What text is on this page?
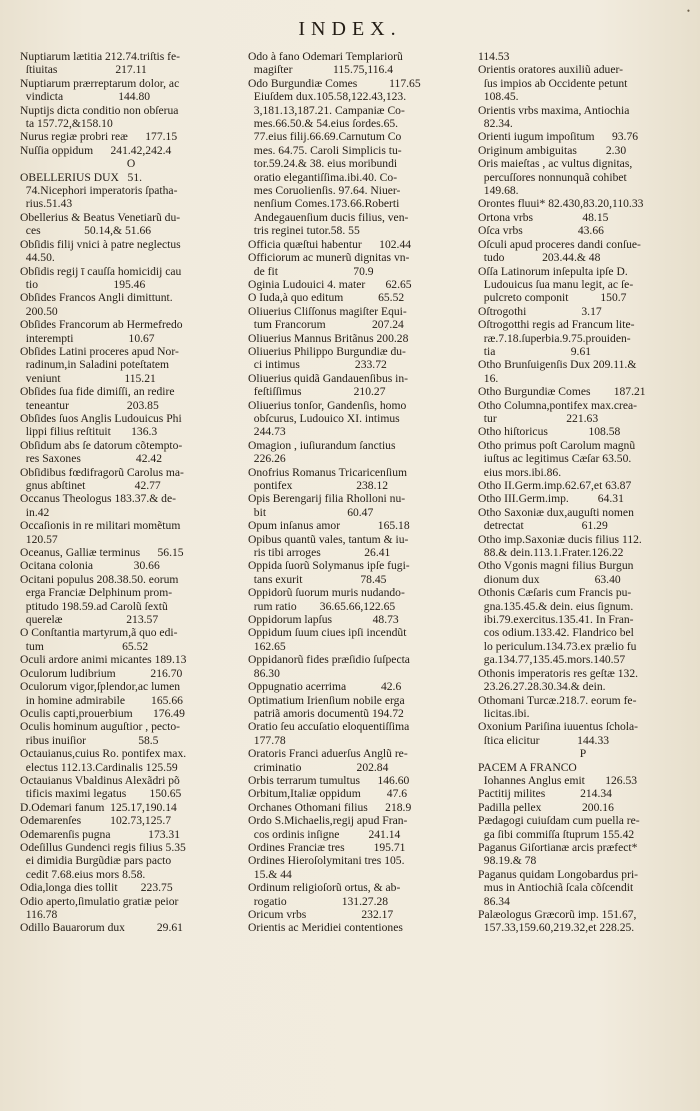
•
INDEX.
Nuptiarum lætitia 212.74.triſtis fe-
ſtiuitas                    217.11
Nuptiarum prærreptarum dolor, ac
vindicta                   144.80
Nuptijs dicta conditio non obſerua
ta 157.72,&158.10
Nurus regiæ probri reæ      177.15
Nuſſia oppidum      241.42,242.4
O
OBELLERIUS DUX   51.
74.Nicephori imperatoris ſpatha-
rius.51.43
Obellerius & Beatus Venetiarũ du-
ces               50.14,& 51.66
Obſidis filij vnici à patre neglectus
44.50.
Obſidis regij ī cauſſa homicidij cau
tio                          195.46
Obſides Francos Angli dimittunt.
200.50
Obſides Francorum ab Hermefredo
interempti                   10.67
Obſides Latini proceres apud Nor-
radinum,in Saladini poteſtatem
veniunt                      115.21
Obſides ſua fide dimiſſi, an redire
teneantur                    203.85
Obſides ſuos Anglis Ludouicus Phi
lippi filius reſtituit       136.3
Obſidum abs ſe datorum cõtempto-
res Saxones                   42.42
Obſidibus fœdifragorũ Carolus ma-
gnus abſtinet                 42.77
Occanus Theologus 183.37.& de-
in.42
Occaſionis in re militari momẽtum
120.57
Oceanus, Galliæ terminus      56.15
Ocitana colonia              30.66
Ocitani populus 208.38.50. eorum
erga Franciæ Delphinum prom-
ptitudo 198.59.ad Carolũ ſextũ
querelæ                      213.57
O Conſtantia martyrum,ã quo edi-
tum                           65.52
Oculi ardore animi micantes 189.13
Oculorum ludibrium            216.70
Oculorum vigor,ſplendor,ac lumen
in homine admirabile         165.66
Oculis capti,prouerbium       176.49
Oculis hominum auguſtior , pecto-
ribus inuiſior                  58.5
Octauianus,cuius Ro. pontifex max.
electus 112.13.Cardinalis 125.59
Octauianus Vbaldinus Alexãdri põ
tificis maximi legatus        150.65
D.Odemari fanum  125.17,190.14
Odemarenſes          102.73,125.7
Odemarenſis pugna             173.31
Odeſillus Gundenci regis filius 5.35
ei dimidia Burgũdiæ pars pacto
cedit 7.68.eius mors 8.58.
Odia,longa dies tollit        223.75
Odio aperto,ſimulatio gratiæ peior
116.78
Odillo Bauarorum dux           29.61
Odo à fano Odemari Templariorũ
magiſter              115.75,116.4
Odo Burgundiæ Comes           117.65
Eiuſdem dux.105.58,122.43,123.
3,181.13,187.21. Campaniæ Co-
mes.66.50.& 54.eius ſordes.65.
77.eius filij.66.69.Carnutum Co
mes. 64.75. Caroli Simplicis tu-
tor.59.24.& 38. eius moribundi
oratio elegantiſſima.ibi.40. Co-
mes Coruolienſis. 97.64. Niuer-
nenſium Comes.173.66.Roberti
Andegauenſium ducis filius, ven-
tris reginei tutor.58. 55
Officia quæſtui habentur      102.44
Officiorum ac munerũ dignitas vn-
de fit                          70.9
Oginia Ludouici 4. mater       62.65
O Iuda,à quo editum            65.52
Oliuerius Cliſſonus magiſter Equi-
tum Francorum                207.24
Oliuerius Mannus Britãnus 200.28
Oliuerius Philippo Burgundiæ du-
ci intimus                   233.72
Oliuerius quidã Gandauenſibus in-
feſtiſſimus                  210.27
Oliuerius tonſor, Gandenſis, homo
obſcurus, Ludouico XI. intimus
244.73
Omagion , iuſiurandum ſanctius
226.26
Onofrius Romanus Tricaricenſium
pontifex                      238.12
Opis Berengarij filia Rholloni nu-
bit                            60.47
Opum inſanus amor             165.18
Opibus quantũ vales, tantum & iu-
ris tibi arroges               26.41
Oppida ſuorũ Solymanus ipſe fugi-
tans exurit                    78.45
Oppidorũ ſuorum muris nudando-
rum ratio        36.65.66,122.65
Oppidorum lapſus              48.73
Oppidum ſuum ciues ipſi incendũt
162.65
Oppidanorũ fides præſidio ſuſpecta
86.30
Oppugnatio acerrima            42.6
Optimatium Irienſium nobile erga
patriã amoris documentũ 194.72
Oratio ſeu accuſatio eloquentiſſima
177.78
Oratoris Franci aduerſus Anglũ re-
criminatio                   202.84
Orbis terrarum tumultus      146.60
Orbitum,Italiæ oppidum         47.6
Orchanes Othomani filius      218.9
Ordo S.Michaelis,regij apud Fran-
cos ordinis inſigne          241.14
Ordines Franciæ tres          195.71
Ordines Hieroſolymitani tres 105.
15.& 44
Ordinum religioſorũ ortus, & ab-
rogatio                   131.27.28
Oricum vrbs                   232.17
Orientis ac Meridiei contentiones
114.53
Orientis oratores auxiliũ aduer-
ſus impios ab Occidente petunt
108.45.
Orientis vrbs maxima, Antiochia
82.34.
Orienti iugum impoſitum      93.76
Originum ambiguitas          2.30
Oris maieſtas , ac vultus dignitas,
percuſſores nonnunquã cohibet
149.68.
Orontes fluui* 82.430,83.20,110.33
Ortona vrbs                 48.15
Oſca vrbs                   43.66
Oſculi apud proceres dandi conſue-
tudo             203.44.& 48
Oſſa Latinorum inſepulta ipſe D.
Ludouicus ſua manu legit, ac ſe-
pulcreto componit           150.7
Oſtrogothi                   3.17
Oſtrogotthi regis ad Francum lite-
ræ.7.18.ſuperbia.9.75.prouiden-
tia                          9.61
Otho Brunſuigenſis Dux 209.11.&
16.
Otho Burgundiæ Comes        187.21
Otho Columna,pontifex max.crea-
tur                        221.63
Otho hiſtoricus              108.58
Otho primus poſt Carolum magnũ
iuſtus ac legitimus Cæſar 63.50.
eius mors.ibi.86.
Otho II.Germ.imp.62.67,et 63.87
Otho III.Germ.imp.          64.31
Otho Saxoniæ dux,auguſti nomen
detrectat                    61.29
Otho imp.Saxoniæ ducis filius 112.
88.& dein.113.1.Frater.126.22
Otho Vgonis magni filius Burgun
dionum dux                   63.40
Othonis Cæſaris cum Francis pu-
gna.135.45.& dein. eius ſignum.
ibi.79.exercitus.135.41. In Fran-
cos odium.133.42. Flandrico bel
lo periculum.134.73.ex prælio fu
ga.134.77,135.45.mors.140.57
Othonis imperatoris res geſtæ 132.
23.26.27.28.30.34.& dein.
Othomani Turcæ.218.7. eorum fe-
licitas.ibi.
Oxonium Pariſina iuuentus ſchola-
ſtica elicitur             144.33
P
PACEM A FRANCO
Iohannes Anglus emit       126.53
Pactitij milites            214.34
Padilla pellex              200.16
Pædagogi cuiuſdam cum puella re-
ga ſibi commiſſa ſtuprum 155.42
Paganus Giſortianæ arcis præfect*
98.19.& 78
Paganus quidam Longobardus pri-
mus in Antiochiã ſcala cõſcendit
86.34
Palæologus Græcorũ imp. 151.67,
157.33,159.60,219.32,et 228.25.
